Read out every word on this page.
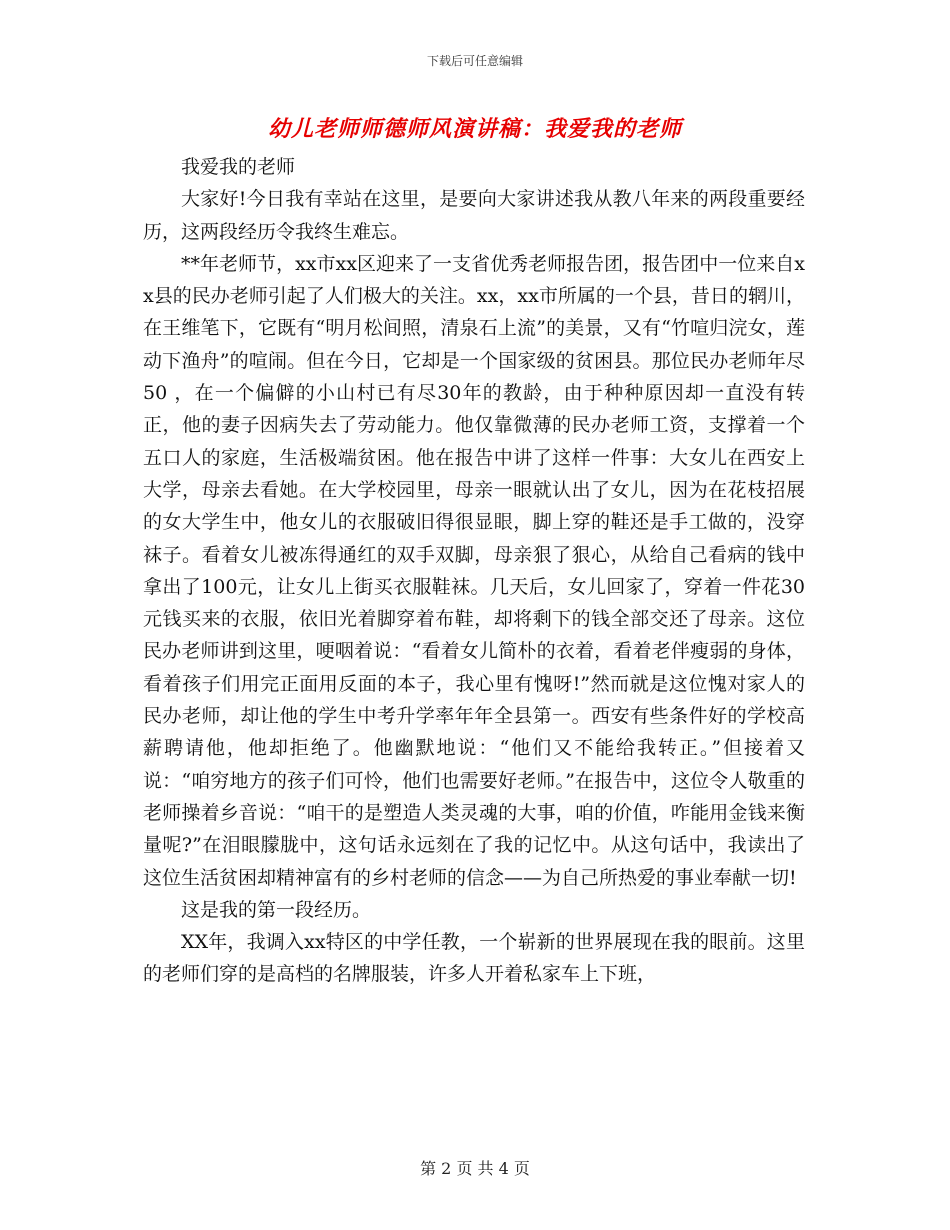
下载后可任意编辑
幼儿老师师德师风演讲稿：我爱我的老师

我爱我的老师

大家好!今日我有幸站在这里，是要向大家讲述我从教八年来的两段重要经历，这两段经历令我终生难忘。

**年老师节，xx市xx区迎来了一支省优秀老师报告团，报告团中一位来自xx县的民办老师引起了人们极大的关注。xx，xx市所属的一个县，昔日的辋川，在王维笔下，它既有“明月松间照，清泉石上流”的美景，又有“竹喧归浣女，莲动下渔舟”的喧闹。但在今日，它却是一个国家级的贫困县。那位民办老师年尽50 ，在一个偏僻的小山村已有尽30年的教龄，由于种种原因却一直没有转正，他的妻子因病失去了劳动能力。他仅靠微薄的民办老师工资，支撑着一个五口人的家庭，生活极端贫困。他在报告中讲了这样一件事：大女儿在西安上大学，母亲去看她。在大学校园里，母亲一眼就认出了女儿，因为在花枝招展的女大学生中，他女儿的衣服破旧得很显眼，脚上穿的鞋还是手工做的，没穿袜子。看着女儿被冻得通红的双手双脚，母亲狠了狠心，从给自己看病的钱中拿出了100元，让女儿上街买衣服鞋袜。几天后，女儿回家了，穿着一件花30元钱买来的衣服，依旧光着脚穿着布鞋，却将剩下的钱全部交还了母亲。这位民办老师讲到这里，哽咽着说：“看着女儿简朴的衣着，看着老伴瘦弱的身体，看着孩子们用完正面用反面的本子，我心里有愧呀!”然而就是这位愧对家人的民办老师，却让他的学生中考升学率年年全县第一。西安有些条件好的学校高薪聘请他，他却拒绝了。他幽默地说：“他们又不能给我转正。”但接着又说：“咱穷地方的孩子们可怜，他们也需要好老师。”在报告中，这位令人敬重的老师操着乡音说：“咱干的是塑造人类灵魂的大事，咱的价值，咋能用金钱来衡量呢?”在泪眼朦胧中，这句话永远刻在了我的记忆中。从这句话中，我读出了这位生活贫困却精神富有的乡村老师的信念——为自己所热爱的事业奉献一切!

这是我的第一段经历。

XX年，我调入xx特区的中学任教，一个崭新的世界展现在我的眼前。这里的老师们穿的是高档的名牌服装，许多人开着私家车上下班，

第 2 页 共 4 页
